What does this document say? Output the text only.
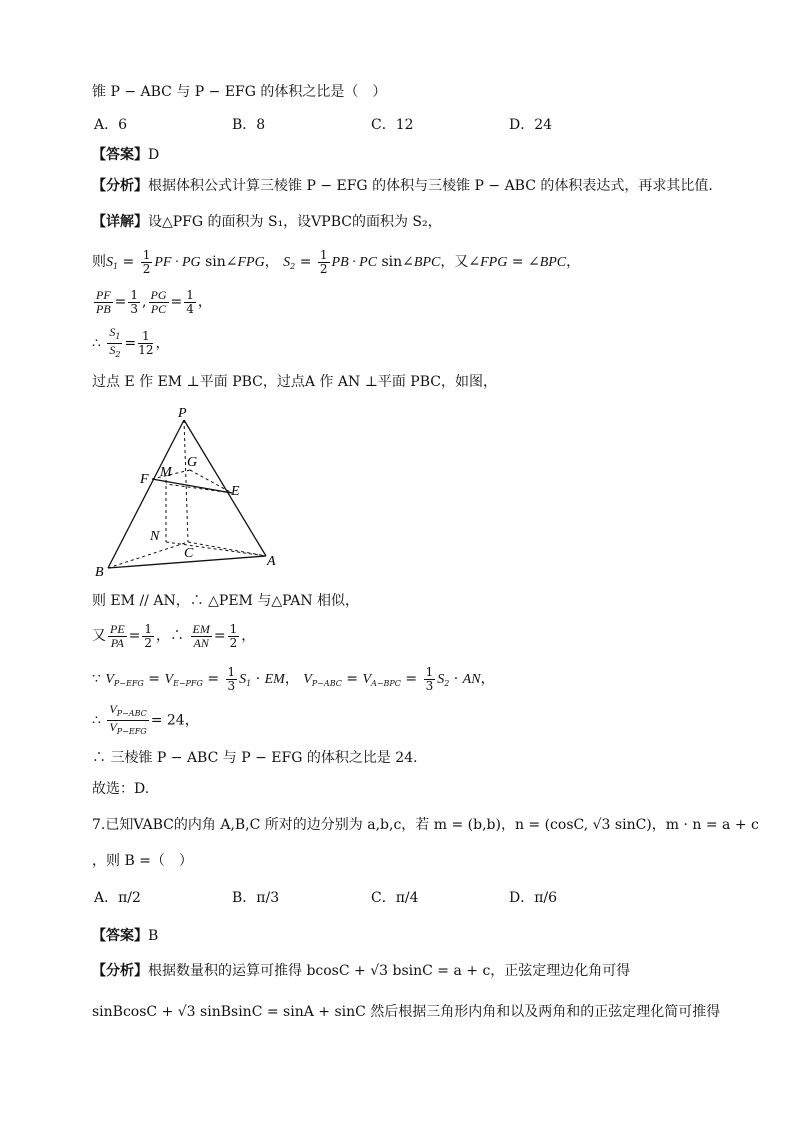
锥 P − ABC 与 P − EFG 的体积之比是（　）
A．6	B．8	C．12	D．24
【答案】D
【分析】根据体积公式计算三棱锥 P − EFG 的体积与三棱锥 P − ABC 的体积表达式，再求其比值.
【详解】设△PFG 的面积为 S₁，设VPBC的面积为 S₂，
则$S_1 = \frac{1}{2}$ PF · PG sin∠FPG， $S_2 = \frac{1}{2}$ PB · PC sin∠BPC，又∠FPG = ∠BPC，
$\frac{PF}{PB} = \frac{1}{3}$ , $\frac{PG}{PC} = \frac{1}{4}$ ，
∴ $\frac{S_1}{S_2} = \frac{1}{12}$ ，
过点 E 作 EM ⊥平面 PBC，过点A 作 AN ⊥平面 PBC，如图，
P
F M
G
E
N
C
B
A
则 EM // AN，∴ △PEM 与△PAN 相似，
又 $\frac{PE}{PA} = \frac{1}{2}$ ，∴ $\frac{EM}{AN} = \frac{1}{2}$ ，
∵ $V_{P-EFG} = V_{E-PFG} = \frac{1}{3} S_1$ · EM， $V_{P-ABC} = V_{A-BPC} = \frac{1}{3} S_2$ · AN，
∴ $\frac{V_{P-ABC}}{V_{P-EFG}} = 24$，
∴ 三棱锥 P − ABC 与 P − EFG 的体积之比是 24.
故选：D.
7.已知VABC的内角 A,B,C 所对的边分别为 a,b,c，若 m = (b,b)，n = (cosC, √3 sinC)，m · n = a + c
，则 B =（　）
A．π/2	B．π/3	C．π/4	D．π/6
【答案】B
【分析】根据数量积的运算可推得 bcosC + √3 bsinC = a + c，正弦定理边化角可得
sinBcosC + √3 sinBsinC = sinA + sinC 然后根据三角形内角和以及两角和的正弦定理化简可推得
